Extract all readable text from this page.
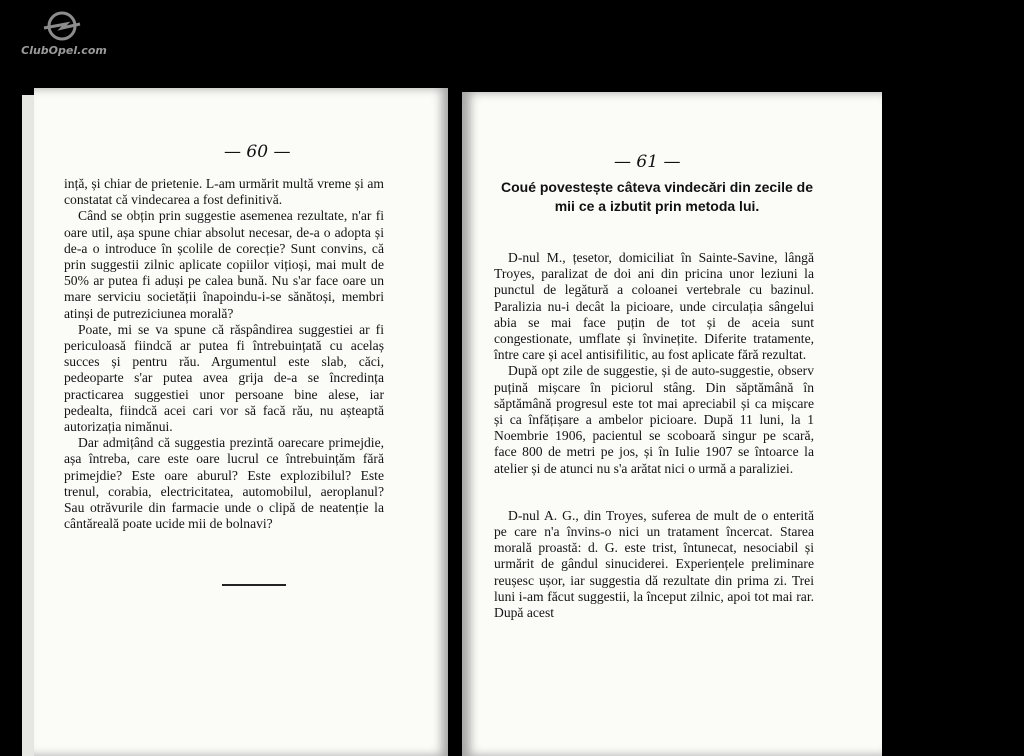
ClubOpel.com
— 60 —

ință, și chiar de prietenie. L-am urmărit multă vreme și am constatat că vindecarea a fost definitivă.

Când se obțin prin suggestie asemenea rezultate, n'ar fi oare util, așa spune chiar absolut necesar, de-a o adopta și de-a o introduce în școlile de corecție? Sunt convins, că prin suggestii zilnic aplicate copiilor vițioși, mai mult de 50% ar putea fi aduși pe calea bună. Nu s'ar face oare un mare serviciu societății înapoindu-i-se sănătoși, membri atinși de putreziciunea morală?

Poate, mi se va spune că răspândirea suggestiei ar fi periculoasă fiindcă ar putea fi întrebuințată cu acelaș succes și pentru rău. Argumentul este slab, căci, pedeoparte s'ar putea avea grija de-a se încredința practicarea suggestiei unor persoane bine alese, iar pedealta, fiindcă acei cari vor să facă rău, nu așteaptă autorizația nimănui.

Dar admițând că suggestia prezintă oarecare primejdie, așa întreba, care este oare lucrul ce întrebuințăm fără primejdie? Este oare aburul? Este explozibilul? Este trenul, corabia, electricitatea, automobilul, aeroplanul? Sau otrăvurile din farmacie unde o clipă de neatenție la cântăreală poate ucide mii de bolnavi?

— 61 —
Coué povestește câteva vindecări din zecile de mii ce a izbutit prin metoda lui.

D-nul M., țesetor, domiciliat în Sainte-Savine, lângă Troyes, paralizat de doi ani din pricina unor leziuni la punctul de legătură a coloanei vertebrale cu bazinul. Paralizia nu-i decât la picioare, unde circulația sângelui abia se mai face puțin de tot și de aceia sunt congestionate, umflate și învinețite. Diferite tratamente, între care și acel antisifilitic, au fost aplicate fără rezultat.

După opt zile de suggestie, și de auto-suggestie, observ puțină mișcare în piciorul stâng. Din săptămână în săptămână progresul este tot mai apreciabil și ca mișcare și ca înfățișare a ambelor picioare. După 11 luni, la 1 Noembrie 1906, pacientul se scoboară singur pe scară, face 800 de metri pe jos, și în Iulie 1907 se întoarce la atelier și de atunci nu s'a arătat nici o urmă a paraliziei.

D-nul A. G., din Troyes, suferea de mult de o enterită pe care n'a învins-o nici un tratament încercat. Starea morală proastă: d. G. este trist, întunecat, nesociabil și urmărit de gândul sinuciderei. Experiențele preliminare reușesc ușor, iar suggestia dă rezultate din prima zi. Trei luni i-am făcut suggestii, la început zilnic, apoi tot mai rar. După acest
